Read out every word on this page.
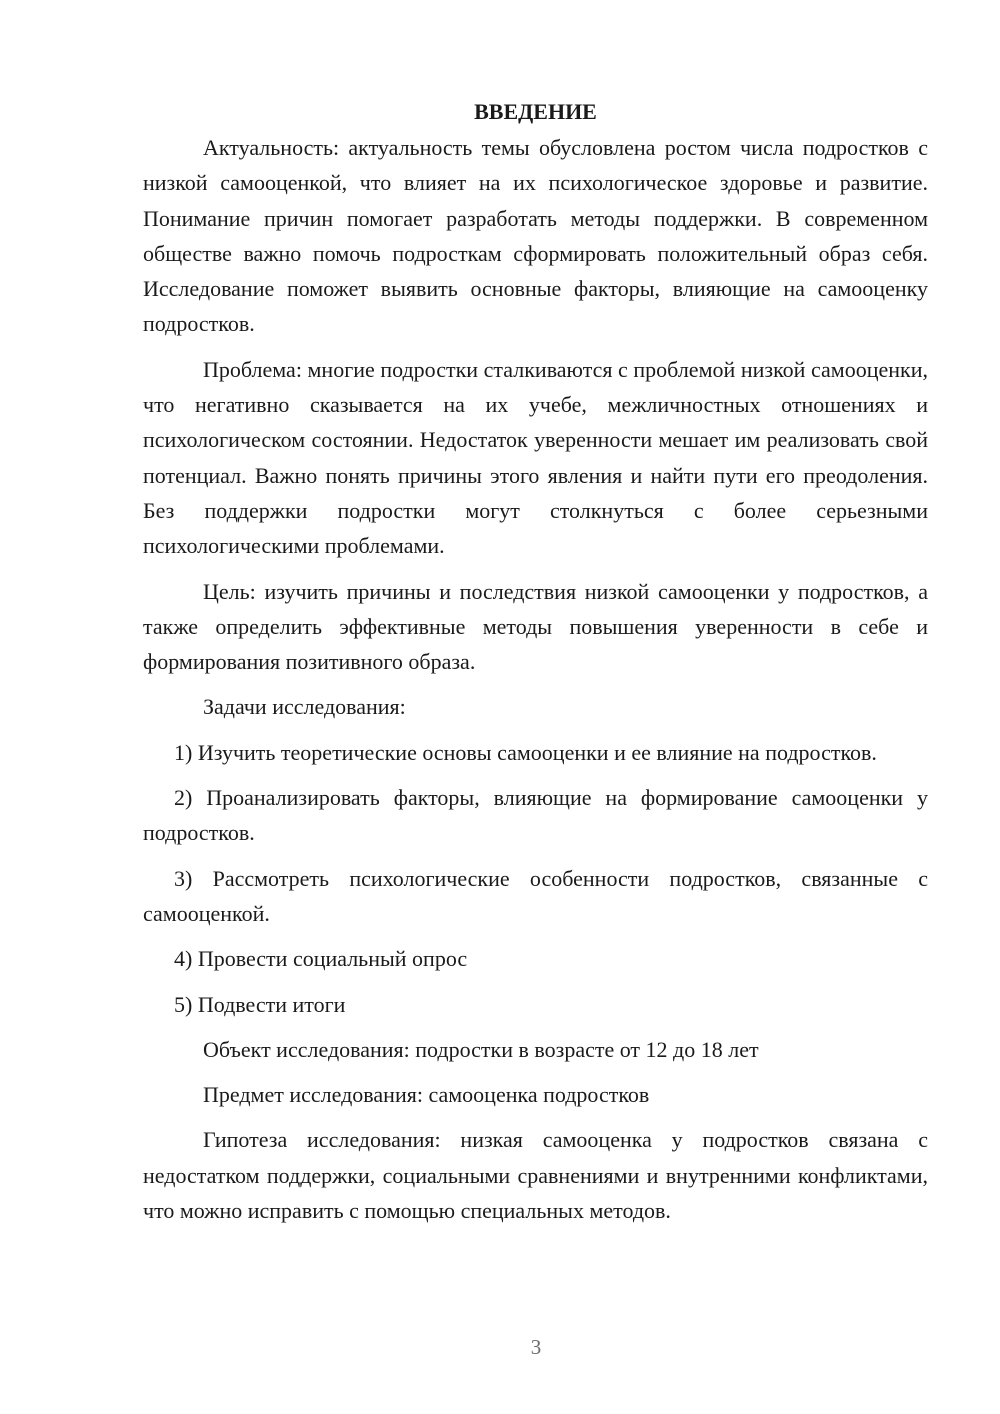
ВВЕДЕНИЕ

Актуальность: актуальность темы обусловлена ростом числа подростков с низкой самооценкой, что влияет на их психологическое здоровье и развитие. Понимание причин помогает разработать методы поддержки. В современном обществе важно помочь подросткам сформировать положительный образ себя. Исследование поможет выявить основные факторы, влияющие на самооценку подростков.

Проблема: многие подростки сталкиваются с проблемой низкой самооценки, что негативно сказывается на их учебе, межличностных отношениях и психологическом состоянии. Недостаток уверенности мешает им реализовать свой потенциал. Важно понять причины этого явления и найти пути его преодоления. Без поддержки подростки могут столкнуться с более серьезными психологическими проблемами.

Цель: изучить причины и последствия низкой самооценки у подростков, а также определить эффективные методы повышения уверенности в себе и формирования позитивного образа.

Задачи исследования:

1) Изучить теоретические основы самооценки и ее влияние на подростков.

2) Проанализировать факторы, влияющие на формирование самооценки у подростков.

3) Рассмотреть психологические особенности подростков, связанные с самооценкой.

4) Провести социальный опрос

5) Подвести итоги

Объект исследования: подростки в возрасте от 12 до 18 лет

Предмет исследования: самооценка подростков

Гипотеза исследования: низкая самооценка у подростков связана с недостатком поддержки, социальными сравнениями и внутренними конфликтами, что можно исправить с помощью специальных методов.

3
